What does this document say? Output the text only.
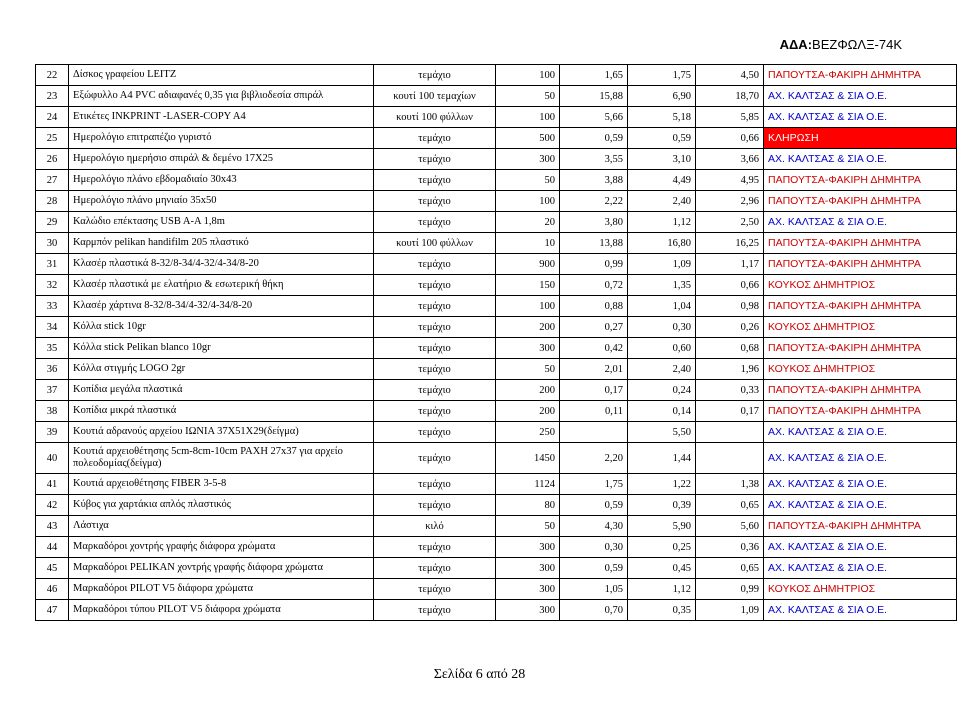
ΑΔΑ:ΒΕΖΦΩΛΞ-74Κ
22	Δίσκος γραφείου LEITZ	τεμάχιο	100	1,65	1,75	4,50	ΠΑΠΟΥΤΣΑ-ΦΑΚΙΡΗ ΔΗΜΗΤΡΑ
23	Εξώφυλλο Α4 PVC αδιαφανές 0,35 για βιβλιοδεσία σπιράλ	κουτί 100 τεμαχίων	50	15,88	6,90	18,70	ΑΧ. ΚΑΛΤΣΑΣ & ΣΙΑ Ο.Ε.
24	Ετικέτες INKPRINT -LASER-COPY A4	κουτί 100 φύλλων	100	5,66	5,18	5,85	ΑΧ. ΚΑΛΤΣΑΣ & ΣΙΑ Ο.Ε.
25	Ημερολόγιο επιτραπέζιο γυριστό	τεμάχιο	500	0,59	0,59	0,66	ΚΛΗΡΩΣΗ
26	Ημερολόγιο ημερήσιο σπιράλ & δεμένο 17Χ25	τεμάχιο	300	3,55	3,10	3,66	ΑΧ. ΚΑΛΤΣΑΣ & ΣΙΑ Ο.Ε.
27	Ημερολόγιο πλάνο εβδομαδιαίο 30x43	τεμάχιο	50	3,88	4,49	4,95	ΠΑΠΟΥΤΣΑ-ΦΑΚΙΡΗ ΔΗΜΗΤΡΑ
28	Ημερολόγιο πλάνο μηνιαίο 35x50	τεμάχιο	100	2,22	2,40	2,96	ΠΑΠΟΥΤΣΑ-ΦΑΚΙΡΗ ΔΗΜΗΤΡΑ
29	Καλώδιο επέκτασης USB A-A 1,8m	τεμάχιο	20	3,80	1,12	2,50	ΑΧ. ΚΑΛΤΣΑΣ & ΣΙΑ Ο.Ε.
30	Καρμπόν pelikan handifilm 205 πλαστικό	κουτί 100 φύλλων	10	13,88	16,80	16,25	ΠΑΠΟΥΤΣΑ-ΦΑΚΙΡΗ ΔΗΜΗΤΡΑ
31	Κλασέρ πλαστικά 8-32/8-34/4-32/4-34/8-20	τεμάχιο	900	0,99	1,09	1,17	ΠΑΠΟΥΤΣΑ-ΦΑΚΙΡΗ ΔΗΜΗΤΡΑ
32	Κλασέρ πλαστικά με ελατήριο & εσωτερική θήκη	τεμάχιο	150	0,72	1,35	0,66	ΚΟΥΚΟΣ ΔΗΜΗΤΡΙΟΣ
33	Κλασέρ χάρτινα 8-32/8-34/4-32/4-34/8-20	τεμάχιο	100	0,88	1,04	0,98	ΠΑΠΟΥΤΣΑ-ΦΑΚΙΡΗ ΔΗΜΗΤΡΑ
34	Κόλλα stick 10gr	τεμάχιο	200	0,27	0,30	0,26	ΚΟΥΚΟΣ ΔΗΜΗΤΡΙΟΣ
35	Κόλλα stick Pelikan blanco 10gr	τεμάχιο	300	0,42	0,60	0,68	ΠΑΠΟΥΤΣΑ-ΦΑΚΙΡΗ ΔΗΜΗΤΡΑ
36	Κόλλα στιγμής LOGO 2gr	τεμάχιο	50	2,01	2,40	1,96	ΚΟΥΚΟΣ ΔΗΜΗΤΡΙΟΣ
37	Κοπίδια μεγάλα πλαστικά	τεμάχιο	200	0,17	0,24	0,33	ΠΑΠΟΥΤΣΑ-ΦΑΚΙΡΗ ΔΗΜΗΤΡΑ
38	Κοπίδια μικρά πλαστικά	τεμάχιο	200	0,11	0,14	0,17	ΠΑΠΟΥΤΣΑ-ΦΑΚΙΡΗ ΔΗΜΗΤΡΑ
39	Κουτιά αδρανούς αρχείου ΙΩΝΙΑ 37Χ51Χ29(δείγμα)	τεμάχιο	250		5,50		ΑΧ. ΚΑΛΤΣΑΣ & ΣΙΑ Ο.Ε.
40	Κουτιά αρχειοθέτησης 5cm-8cm-10cm ΡΑΧΗ 27x37 για αρχείο πολεοδομίας(δείγμα)	τεμάχιο	1450	2,20	1,44		ΑΧ. ΚΑΛΤΣΑΣ & ΣΙΑ Ο.Ε.
41	Κουτιά αρχειοθέτησης FIBER 3-5-8	τεμάχιο	1124	1,75	1,22	1,38	ΑΧ. ΚΑΛΤΣΑΣ & ΣΙΑ Ο.Ε.
42	Κύβος για χαρτάκια απλός πλαστικός	τεμάχιο	80	0,59	0,39	0,65	ΑΧ. ΚΑΛΤΣΑΣ & ΣΙΑ Ο.Ε.
43	Λάστιχα	κιλό	50	4,30	5,90	5,60	ΠΑΠΟΥΤΣΑ-ΦΑΚΙΡΗ ΔΗΜΗΤΡΑ
44	Μαρκαδόροι χοντρής γραφής διάφορα χρώματα	τεμάχιο	300	0,30	0,25	0,36	ΑΧ. ΚΑΛΤΣΑΣ & ΣΙΑ Ο.Ε.
45	Μαρκαδόροι PELIKAN χοντρής γραφής διάφορα χρώματα	τεμάχιο	300	0,59	0,45	0,65	ΑΧ. ΚΑΛΤΣΑΣ & ΣΙΑ Ο.Ε.
46	Μαρκαδόροι PILOT V5 διάφορα χρώματα	τεμάχιο	300	1,05	1,12	0,99	ΚΟΥΚΟΣ ΔΗΜΗΤΡΙΟΣ
47	Μαρκαδόροι τύπου PILOT V5 διάφορα χρώματα	τεμάχιο	300	0,70	0,35	1,09	ΑΧ. ΚΑΛΤΣΑΣ & ΣΙΑ Ο.Ε.
Σελίδα 6 από 28
